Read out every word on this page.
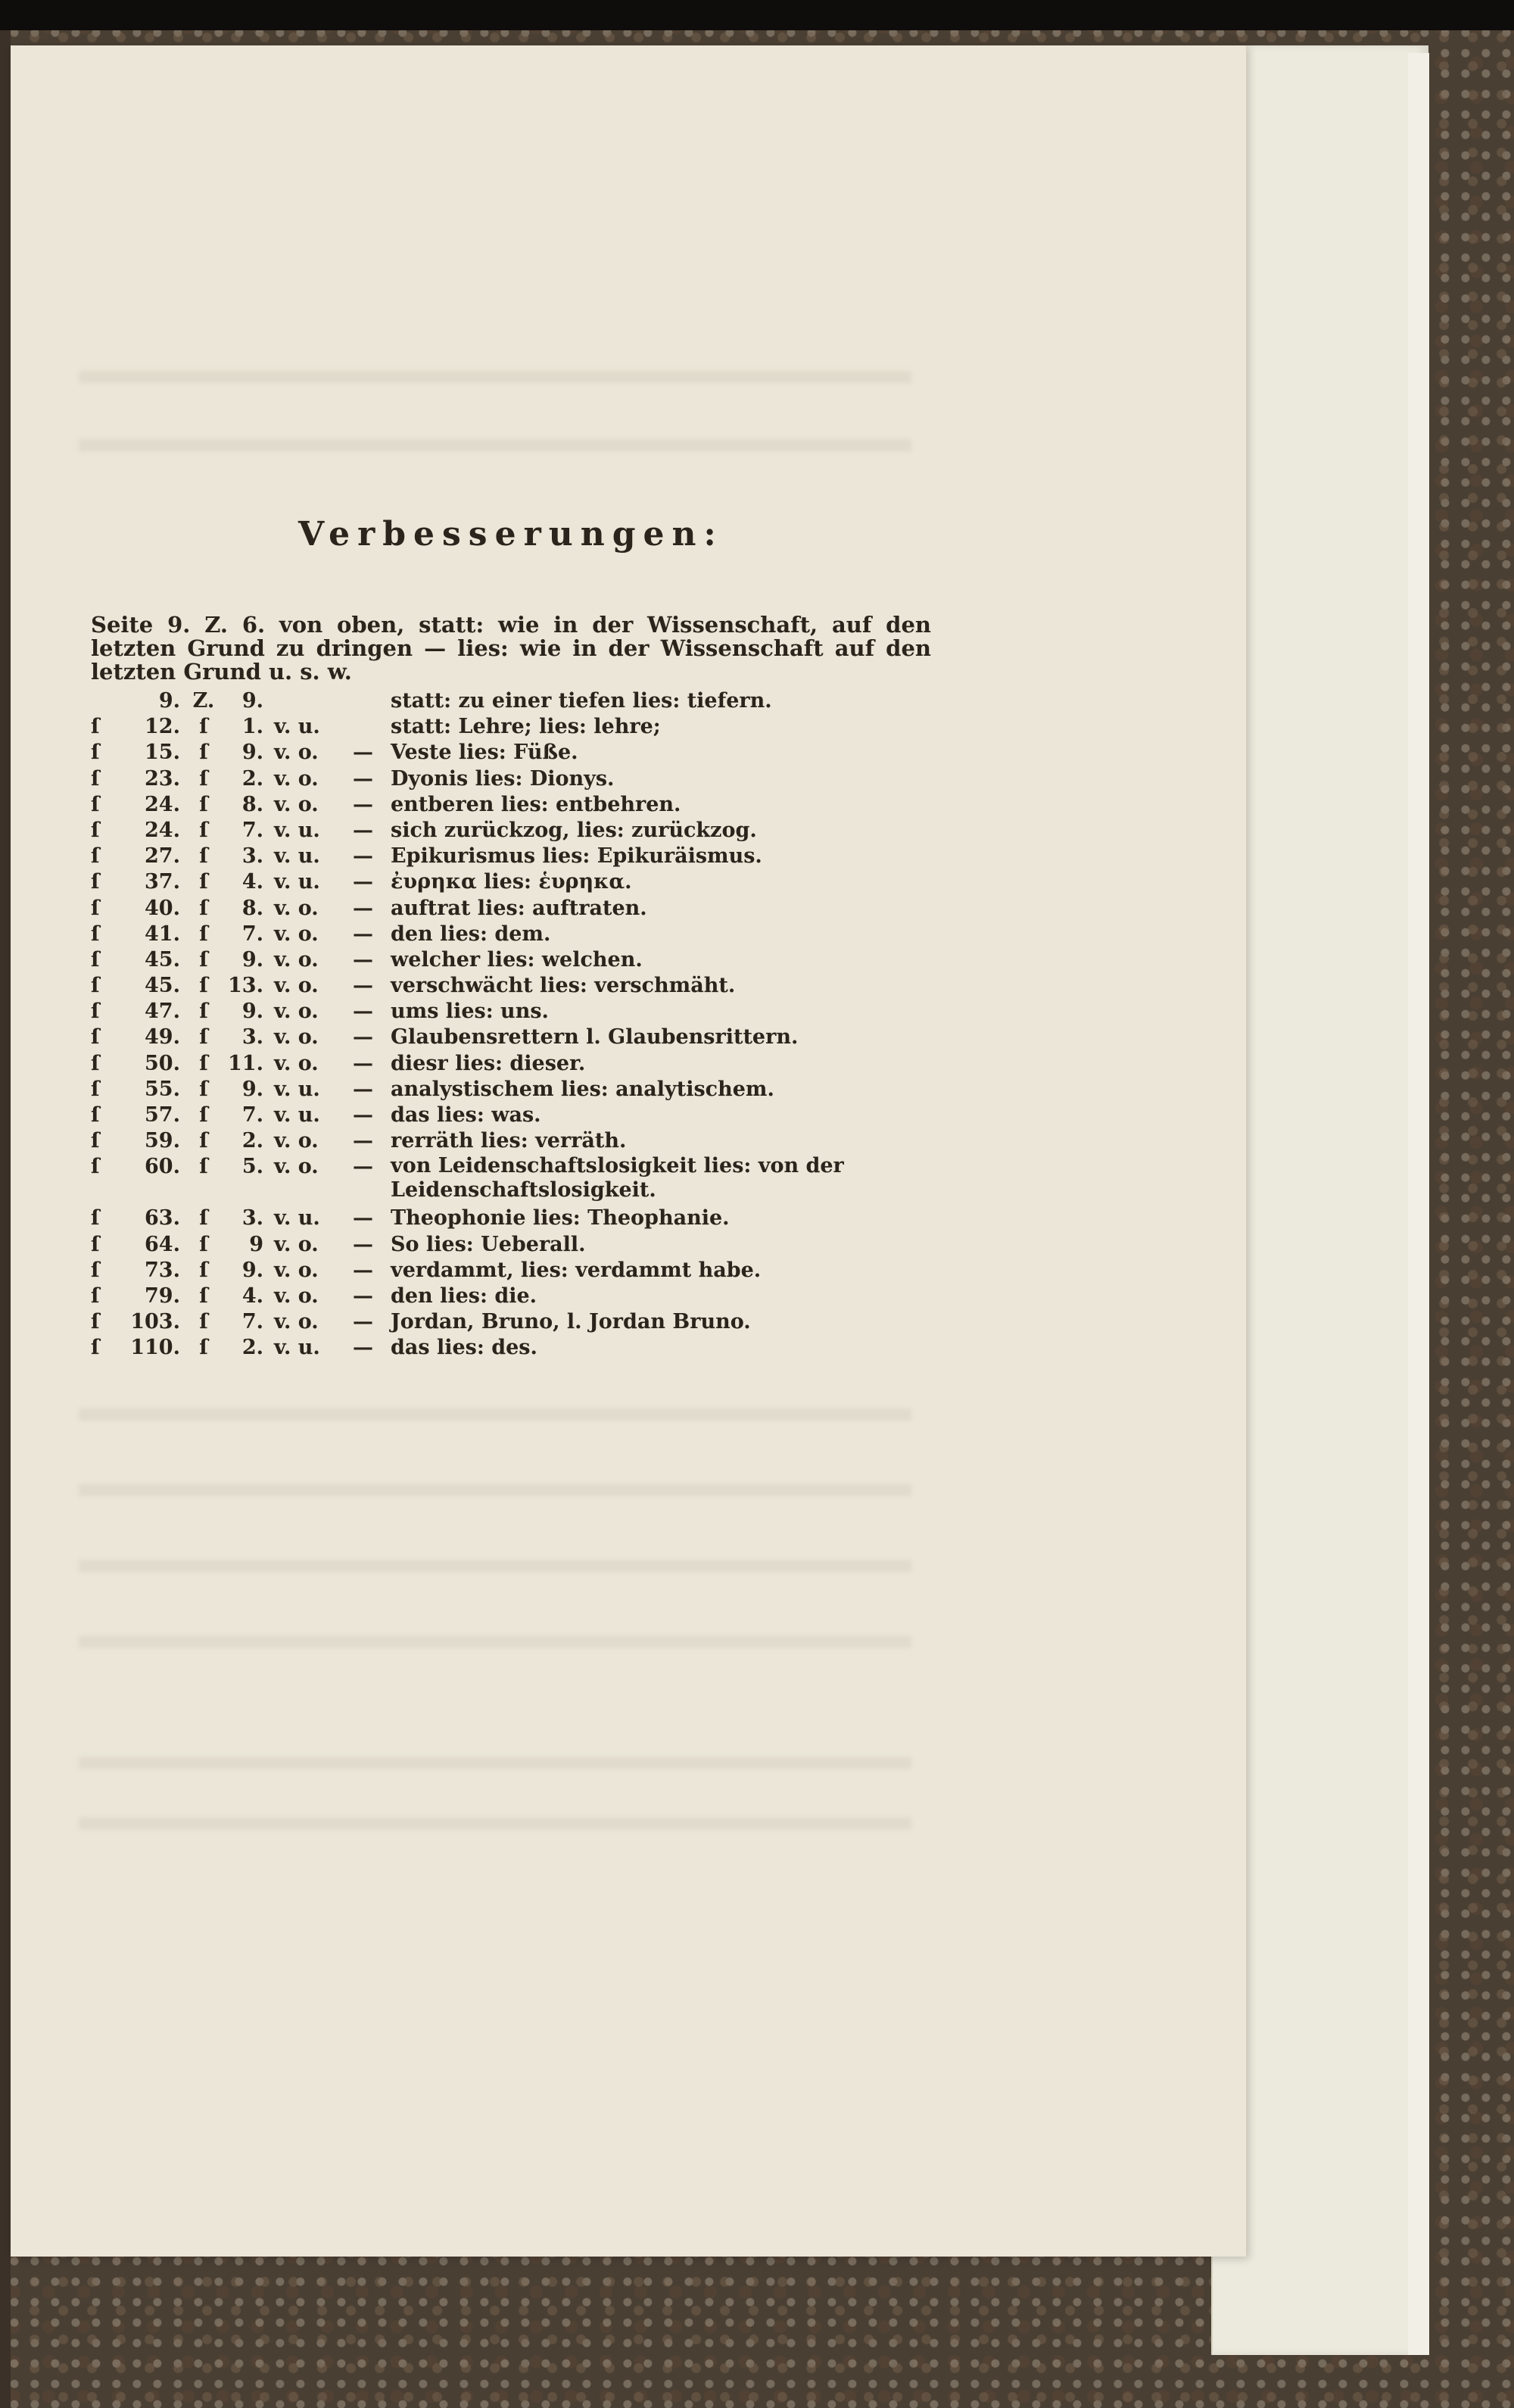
Verbesserungen:
Seite 9. Z. 6. von oben, statt: wie in der Wissenschaft, auf den letzten Grund zu dringen — lies: wie in der Wissenschaft auf den letzten Grund u. s. w.
9. Z.	9.	statt: zu einer tiefen lies: tiefern.
ſ	12. ſ	1. v. u.	statt: Lehre; lies: lehre;
ſ	15. ſ	9. v. o.	— Veste lies: Füße.
ſ	23. ſ	2. v. o.	— Dyonis lies: Dionys.
ſ	24. ſ	8. v. o.	— entberen lies: entbehren.
ſ	24. ſ	7. v. u.	— sich zurückzog, lies: zurückzog.
ſ	27. ſ	3. v. u.	— Epikurismus lies: Epikuräismus.
ſ	37. ſ	4. v. u.	— ἐυρηκα lies: ἑυρηκα.
ſ	40. ſ	8. v. o.	— auftrat lies: auftraten.
ſ	41. ſ	7. v. o.	— den lies: dem.
ſ	45. ſ	9. v. o.	— welcher lies: welchen.
ſ	45. ſ 13. v. o.	— verschwächt lies: verschmäht.
ſ	47. ſ	9. v. o.	— ums lies: uns.
ſ	49. ſ	3. v. o.	— Glaubensrettern l. Glaubensrittern.
ſ	50. ſ 11. v. o.	— diesr lies: dieser.
ſ	55. ſ	9. v. u.	— analystischem lies: analytischem.
ſ	57. ſ	7. v. u.	— das lies: was.
ſ	59. ſ	2. v. o.	— rerräth lies: verräth.
ſ	60. ſ	5. v. o.	— von Leidenschaftslosigkeit lies: von der Leidenschaftslosigkeit.
ſ	63. ſ	3. v. u.	— Theophonie lies: Theophanie.
ſ	64. ſ	9 v. o.	— So lies: Ueberall.
ſ	73. ſ	9. v. o.	— verdammt, lies: verdammt habe.
ſ	79. ſ	4. v. o.	— den lies: die.
ſ	103. ſ	7. v. o.	— Jordan, Bruno, l. Jordan Bruno.
ſ	110. ſ	2. v. u.	— das lies: des.
